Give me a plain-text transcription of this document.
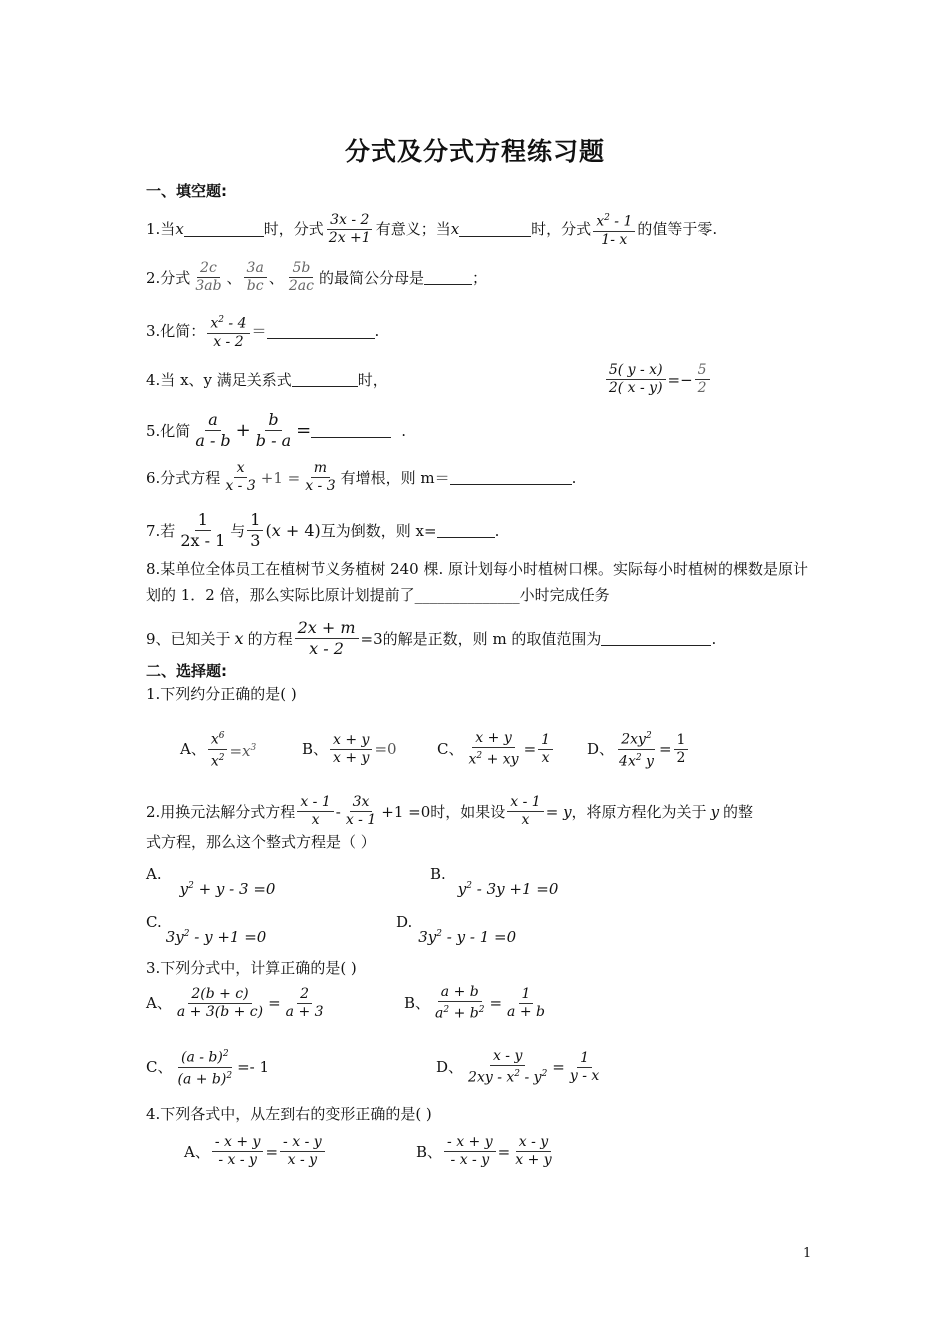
分式及分式方程练习题
一、填空题:
1.当 x	时，分式
3x - 2
2x +1 有意义；当 x	时，分式 $x^2 - 1$
1- x
的值等于零.
2.分式
2c
3ab 、
3a
bc 、
5b
2ac 的最简公分母是	；
3.化简： $x^2 - 4$
x - 2
＝	.
4.当 x、y 满足关系式	时，	$\frac{5( y - x)}{2( x - y)} =- \frac{5}{2}$
5.化简
a
$a - b + \frac{b}{b - a}$ =	.
6.分式方程
x
$x - 3 +1 = \frac{m}{x - 3}$ 有增根，则 m＝	.
7.若
1
2x - 1
与
1
3
(x + 4) 互为倒数，则 x=	.
8.某单位全体员工在植树节义务植树 240 棵. 原计划每小时植树口棵。实际每小时植树的棵数是原计划的 1．2 倍，那么实际比原计划提前了______________小时完成任务
9、已知关于 x 的方程 $\frac{2x + m}{x - 2} =3$ 的解是正数，则 m 的取值范围为	.
二、选择题:
1.下列约分正确的是( )
A、 $\frac{x^6}{x^2} =x^3$	B、 $\frac{x + y}{x + y} =0$	C、 $\frac{x + y}{x^2 + xy} = \frac{1}{x}$ D、 $\frac{2xy^2}{4x^2 y} = \frac{1}{2}$
2.用换元法解分式方程
x - 1
x -
3x
x - 1 +1 =0 时，如果设 $\frac{x - 1}{x} = y$ ，将原方程化为关于 y 的整
式方程，那么这个整式方程是（ ）
A.
$y^2 + y - 3 =0$
B.
$y^2 - 3y +1 =0$
C.
$3y^2 - y +1 =0$
D.
$3y^2 - y - 1 =0$
3.下列分式中，计算正确的是( )
A、 $\frac{2(b + c)}{a + 3(b + c)} = \frac{2}{a + 3}$	B、 $\frac{a + b}{a^2 + b^2} = \frac{1}{a + b}$
C、 $\frac{(a - b)^2}{(a + b)^2} =- 1$	D、 $\frac{x - y}{2xy - x^2 - y^2} = \frac{1}{y - x}$
4.下列各式中，从左到右的变形正确的是( )
A、 $\frac{- x + y}{- x - y} = \frac{- x - y}{x - y}$	B、 $\frac{- x + y}{- x - y} = \frac{x - y}{x + y}$
1
